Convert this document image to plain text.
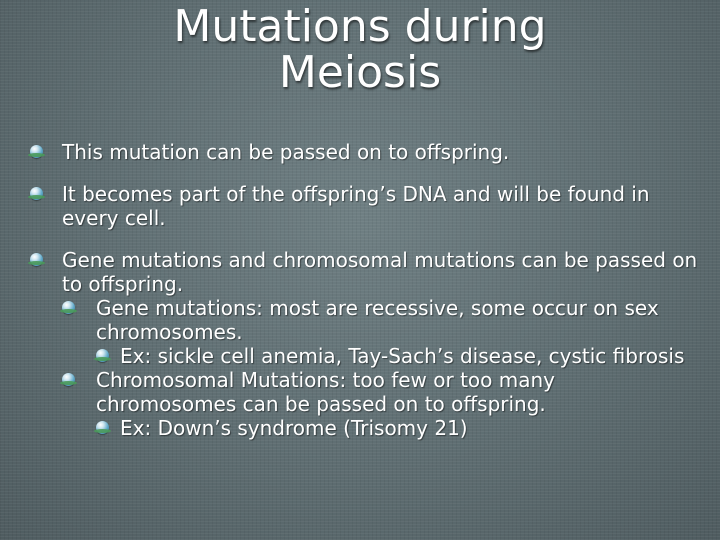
Mutations during
Meiosis

This mutation can be passed on to offspring.

It becomes part of the offspring’s DNA and will be found in every cell.

Gene mutations and chromosomal mutations can be passed on to offspring.

Gene mutations: most are recessive, some occur on sex chromosomes.

Ex: sickle cell anemia, Tay-Sach’s disease, cystic fibrosis

Chromosomal Mutations: too few or too many chromosomes can be passed on to offspring.

Ex: Down’s syndrome (Trisomy 21)
